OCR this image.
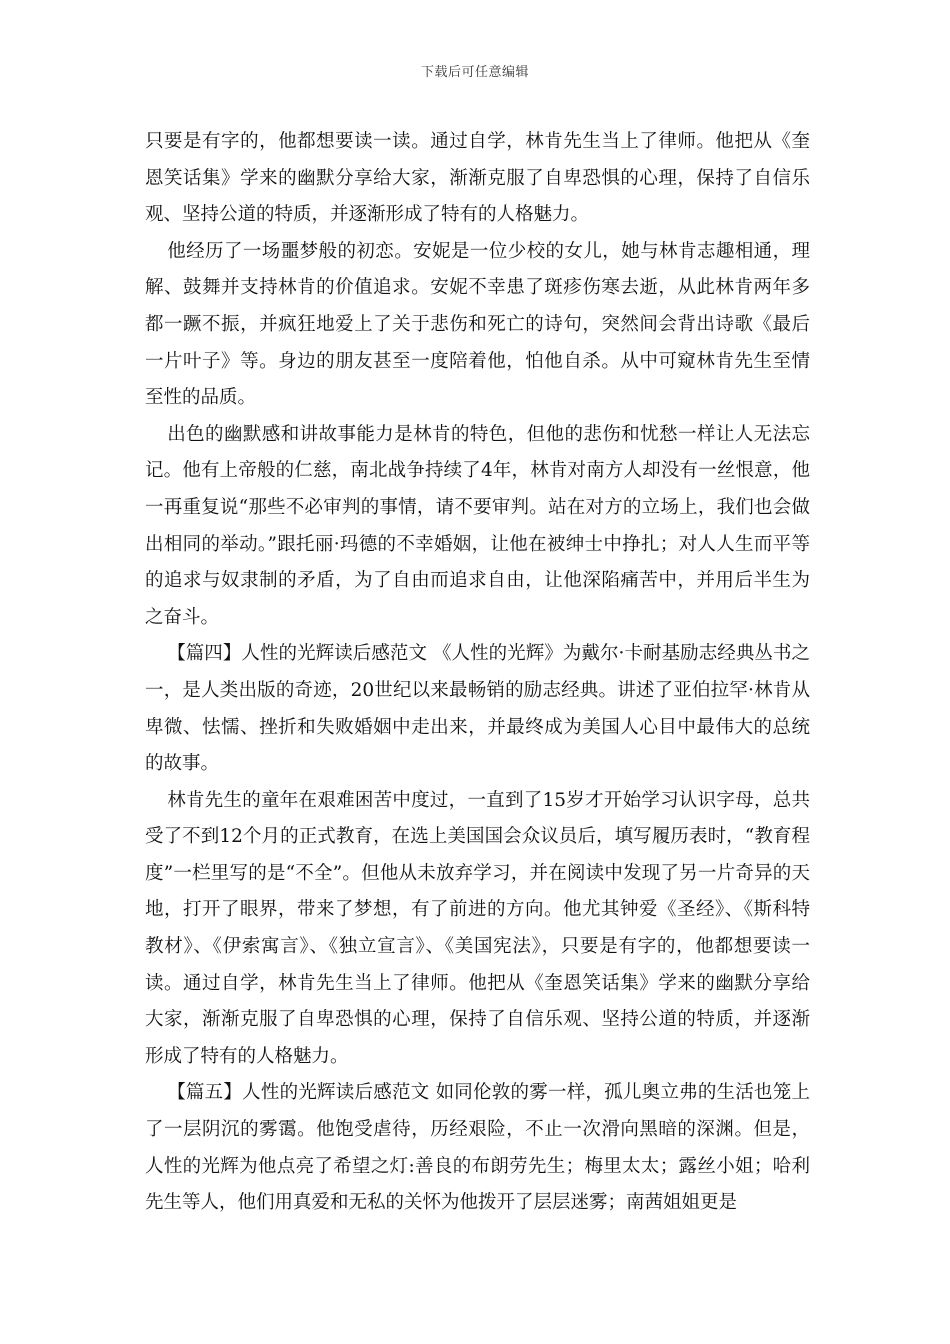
下载后可任意编辑

只要是有字的，他都想要读一读。通过自学，林肯先生当上了律师。他把从《奎恩笑话集》学来的幽默分享给大家，渐渐克服了自卑恐惧的心理，保持了自信乐观、坚持公道的特质，并逐渐形成了特有的人格魅力。

他经历了一场噩梦般的初恋。安妮是一位少校的女儿，她与林肯志趣相通，理解、鼓舞并支持林肯的价值追求。安妮不幸患了斑疹伤寒去逝，从此林肯两年多都一蹶不振，并疯狂地爱上了关于悲伤和死亡的诗句，突然间会背出诗歌《最后一片叶子》等。身边的朋友甚至一度陪着他，怕他自杀。从中可窥林肯先生至情至性的品质。

出色的幽默感和讲故事能力是林肯的特色，但他的悲伤和忧愁一样让人无法忘记。他有上帝般的仁慈，南北战争持续了4年，林肯对南方人却没有一丝恨意，他一再重复说“那些不必审判的事情，请不要审判。站在对方的立场上，我们也会做出相同的举动。”跟托丽·玛德的不幸婚姻，让他在被绅士中挣扎；对人人生而平等的追求与奴隶制的矛盾，为了自由而追求自由，让他深陷痛苦中，并用后半生为之奋斗。

【篇四】人性的光辉读后感范文 《人性的光辉》为戴尔·卡耐基励志经典丛书之一，是人类出版的奇迹，20世纪以来最畅销的励志经典。讲述了亚伯拉罕·林肯从卑微、怯懦、挫折和失败婚姻中走出来，并最终成为美国人心目中最伟大的总统的故事。

林肯先生的童年在艰难困苦中度过，一直到了15岁才开始学习认识字母，总共受了不到12个月的正式教育，在选上美国国会众议员后，填写履历表时，“教育程度”一栏里写的是“不全”。但他从未放弃学习，并在阅读中发现了另一片奇异的天地，打开了眼界，带来了梦想，有了前进的方向。他尤其钟爱《圣经》、《斯科特教材》、《伊索寓言》、《独立宣言》、《美国宪法》，只要是有字的，他都想要读一读。通过自学，林肯先生当上了律师。他把从《奎恩笑话集》学来的幽默分享给大家，渐渐克服了自卑恐惧的心理，保持了自信乐观、坚持公道的特质，并逐渐形成了特有的人格魅力。

【篇五】人性的光辉读后感范文 如同伦敦的雾一样，孤儿奥立弗的生活也笼上了一层阴沉的雾霭。他饱受虐待，历经艰险，不止一次滑向黑暗的深渊。但是，人性的光辉为他点亮了希望之灯:善良的布朗劳先生；梅里太太；露丝小姐；哈利先生等人，他们用真爱和无私的关怀为他拨开了层层迷雾；南茜姐姐更是
